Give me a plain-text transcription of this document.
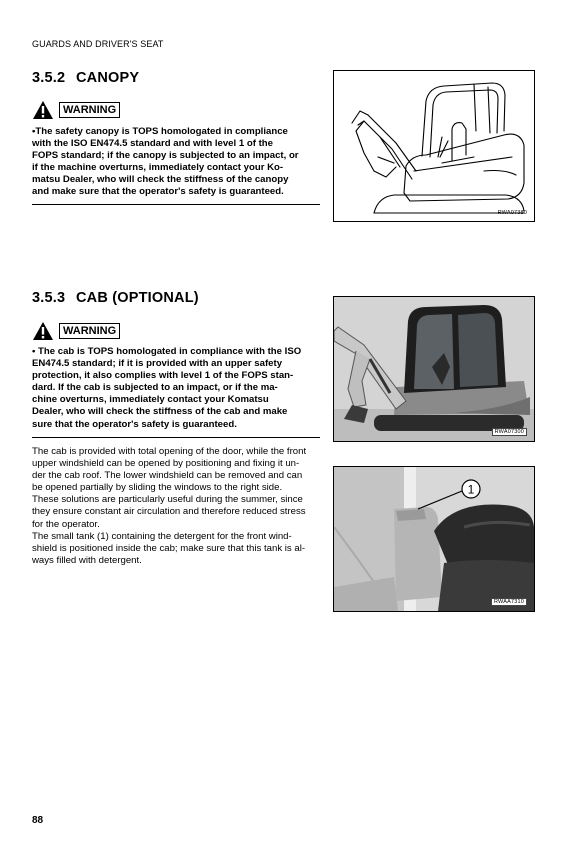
GUARDS AND DRIVER'S SEAT
3.5.2 CANOPY
WARNING
•The safety canopy is TOPS homologated in compliance
with the ISO EN474.5 standard and with level 1 of the
FOPS standard; if the canopy is subjected to an impact, or
if the machine overturns, immediately contact your Ko-
matsu Dealer, who will check the stiffness of the canopy
and make sure that the operator's safety is guaranteed.
RWA07380
3.5.3 CAB (OPTIONAL)
WARNING
• The cab is TOPS homologated in compliance with the ISO
EN474.5 standard; if it is provided with an upper safety
protection, it also complies with level 1 of the FOPS stan-
dard. If the cab is subjected to an impact, or if the ma-
chine overturns, immediately contact your Komatsu
Dealer, who will check the stiffness of the cab and make
sure that the operator's safety is guaranteed.
The cab is provided with total opening of the door, while the front
upper windshield can be opened by positioning and fixing it un-
der the cab roof. The lower windshield can be removed and can
be opened partially by sliding the windows to the right side.
These solutions are particularly useful during the summer, since
they ensure constant air circulation and therefore reduced stress
for the operator.
The small tank (1) containing the detergent for the front wind-
shield is positioned inside the cab; make sure that this tank is al-
ways filled with detergent.
RWA07300
1
RWAA7310
88
